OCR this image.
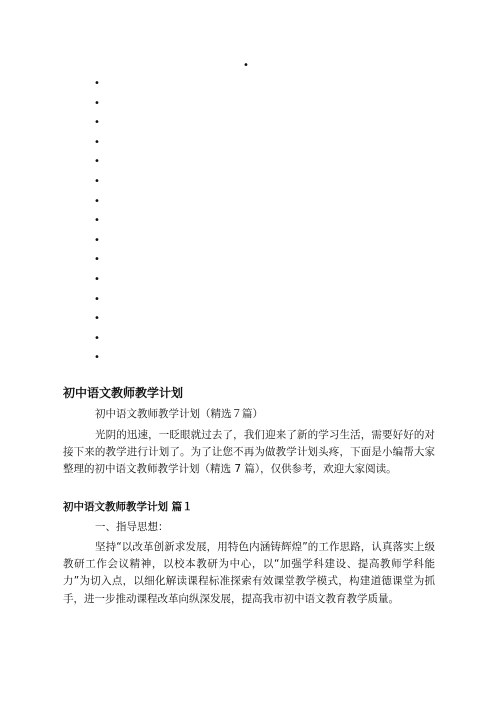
•
•
•
•
•
•
•
•
•
•
•
•
•
•
•
•
初中语文教师教学计划
初中语文教师教学计划（精选７篇）

光阴的迅速，一眨眼就过去了，我们迎来了新的学习生活，需要好好的对接下来的教学进行计划了。为了让您不再为做教学计划头疼，下面是小编帮大家整理的初中语文教师教学计划（精选 7 篇），仅供参考，欢迎大家阅读。

初中语文教师教学计划 篇１
一、指导思想：

坚持“以改革创新求发展，用特色内涵铸辉煌”的工作思路，认真落实上级教研工作会议精神，以校本教研为中心，以“加强学科建设、提高教师学科能力”为切入点，以细化解读课程标准探索有效课堂教学模式，构建道德课堂为抓手，进一步推动课程改革向纵深发展，提高我市初中语文教育教学质量。
